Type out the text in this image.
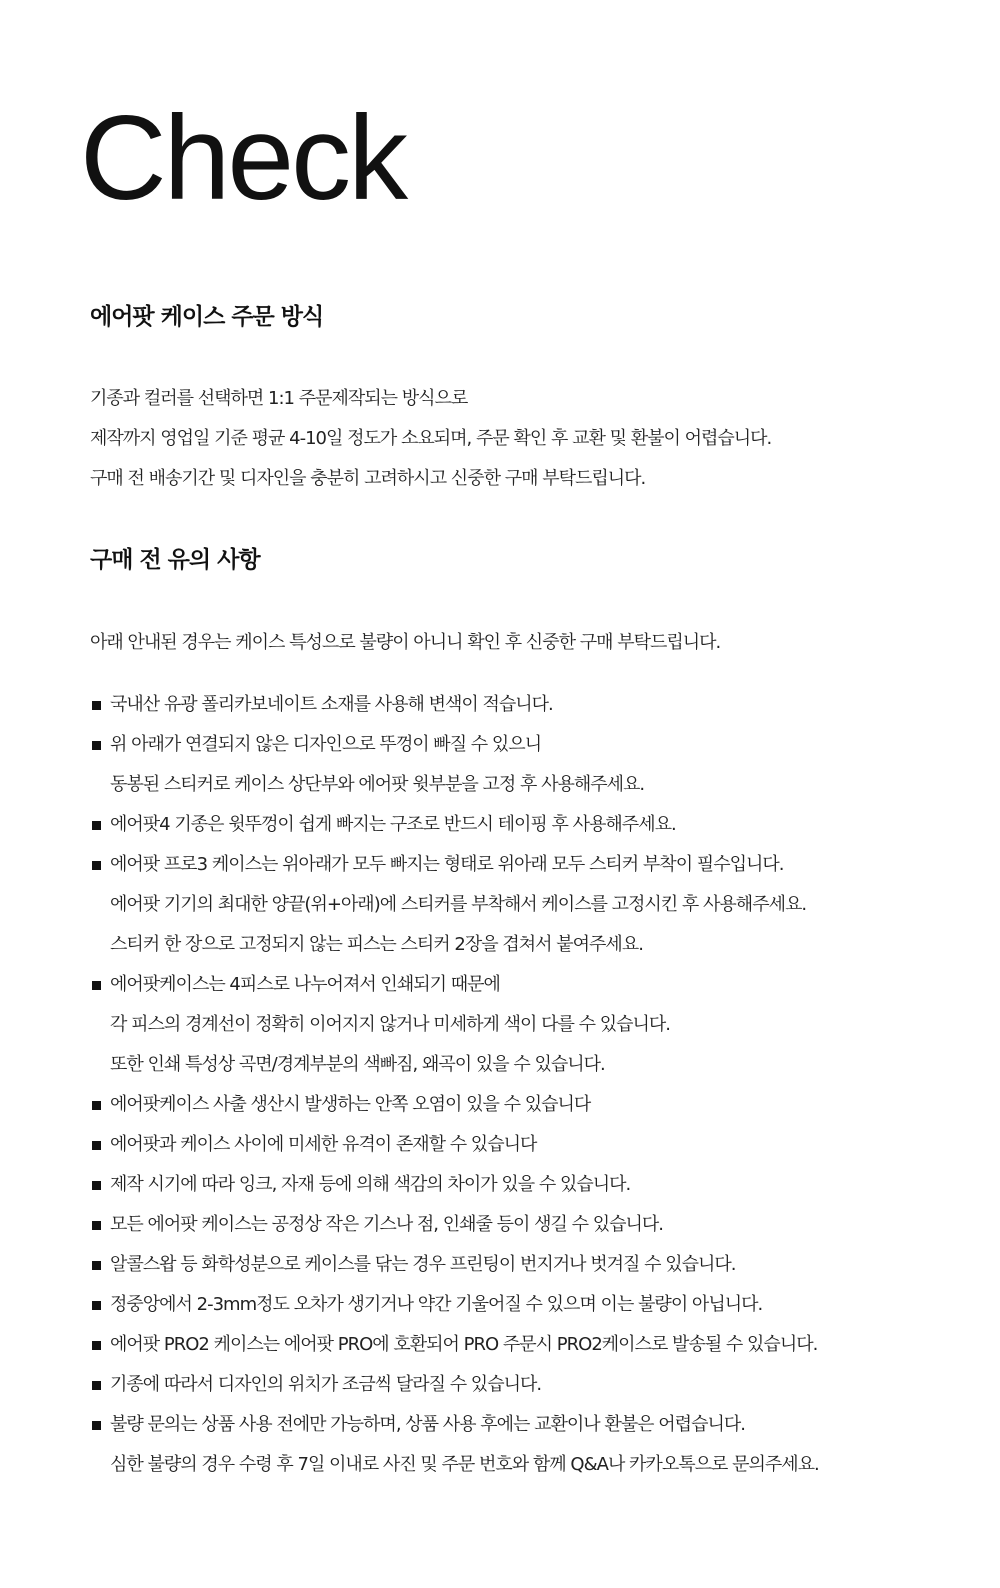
Check
에어팟 케이스 주문 방식
기종과 컬러를 선택하면 1:1 주문제작되는 방식으로
제작까지 영업일 기준 평균 4-10일 정도가 소요되며, 주문 확인 후 교환 및 환불이 어렵습니다.
구매 전 배송기간 및 디자인을 충분히 고려하시고 신중한 구매 부탁드립니다.
구매 전 유의 사항
아래 안내된 경우는 케이스 특성으로 불량이 아니니 확인 후 신중한 구매 부탁드립니다.
국내산 유광 폴리카보네이트 소재를 사용해 변색이 적습니다.
위 아래가 연결되지 않은 디자인으로 뚜껑이 빠질 수 있으니
동봉된 스티커로 케이스 상단부와 에어팟 윗부분을 고정 후 사용해주세요.
에어팟4 기종은 윗뚜껑이 쉽게 빠지는 구조로 반드시 테이핑 후 사용해주세요.
에어팟 프로3 케이스는 위아래가 모두 빠지는 형태로 위아래 모두 스티커 부착이 필수입니다.
에어팟 기기의 최대한 양끝(위+아래)에 스티커를 부착해서 케이스를 고정시킨 후 사용해주세요.
스티커 한 장으로 고정되지 않는 피스는 스티커 2장을 겹쳐서 붙여주세요.
에어팟케이스는 4피스로 나누어져서 인쇄되기 때문에
각 피스의 경계선이 정확히 이어지지 않거나 미세하게 색이 다를 수 있습니다.
또한 인쇄 특성상 곡면/경계부분의 색빠짐, 왜곡이 있을 수 있습니다.
에어팟케이스 사출 생산시 발생하는 안쪽 오염이 있을 수 있습니다
에어팟과 케이스 사이에 미세한 유격이 존재할 수 있습니다
제작 시기에 따라 잉크, 자재 등에 의해 색감의 차이가 있을 수 있습니다.
모든 에어팟 케이스는 공정상 작은 기스나 점, 인쇄줄 등이 생길 수 있습니다.
알콜스왑 등 화학성분으로 케이스를 닦는 경우 프린팅이 번지거나 벗겨질 수 있습니다.
정중앙에서 2-3mm정도 오차가 생기거나 약간 기울어질 수 있으며 이는 불량이 아닙니다.
에어팟 PRO2 케이스는 에어팟 PRO에 호환되어 PRO 주문시 PRO2케이스로 발송될 수 있습니다.
기종에 따라서 디자인의 위치가 조금씩 달라질 수 있습니다.
불량 문의는 상품 사용 전에만 가능하며, 상품 사용 후에는 교환이나 환불은 어렵습니다.
심한 불량의 경우 수령 후 7일 이내로 사진 및 주문 번호와 함께 Q&A나 카카오톡으로 문의주세요.
